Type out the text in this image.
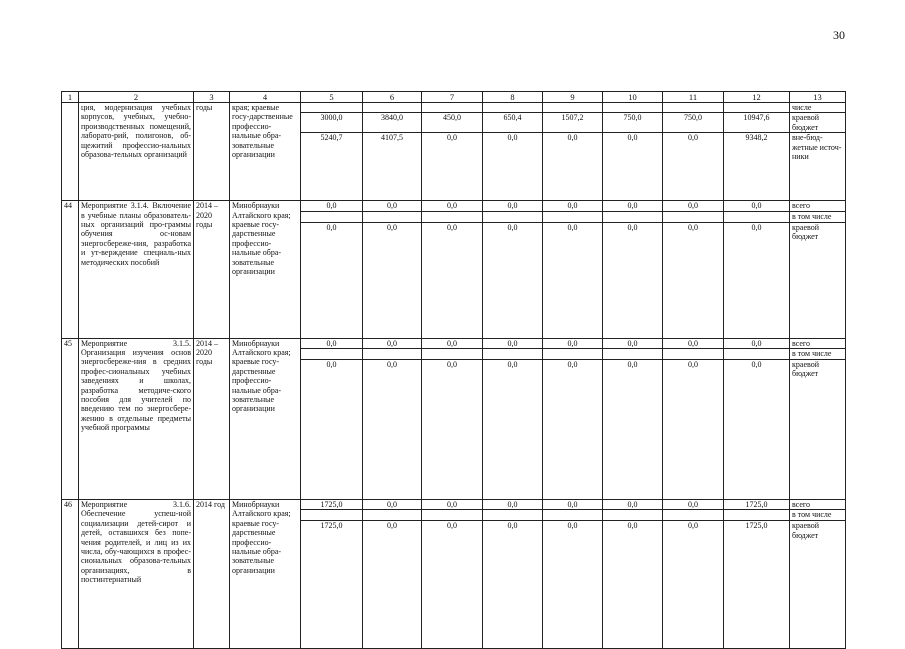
30
1	2	3	4	5	6	7	8	9	10	11	12	13
	ция, модернизация учебных корпусов, учебных, учебно-производственных помещений, лаборато-рий, полигонов, об-щежитий профессио-нальных образова-тельных организаций	годы	края; краевые госу-дарственные профессио-нальные обра-зовательные организации									числе
				3000,0	3840,0	450,0	650,4	1507,2	750,0	750,0	10947,6	краевой бюджет
				5240,7	4107,5	0,0	0,0	0,0	0,0	0,0	9348,2	вне-бюд-жетные источ-ники
44	Мероприятие 3.1.4. Включение в учебные планы образователь-ных организаций про-граммы обучения ос-новам энергосбереже-ния, разработка и ут-верждение специаль-ных методических пособий	2014 – 2020 годы	Минобрнауки Алтайского края; краевые госу-дарственные профессио-нальные обра-зовательные организации	0,0	0,0	0,0	0,0	0,0	0,0	0,0	0,0	всего
												в том числе
				0,0	0,0	0,0	0,0	0,0	0,0	0,0	0,0	краевой бюджет
45	Мероприятие 3.1.5. Организация изучения основ энергосбереже-ния в средних профес-сиональных учебных заведениях и школах, разработка методиче-ского пособия для учителей по введению тем по энергосбере-жению в отдельные предметы учебной программы	2014 – 2020 годы	Минобрнауки Алтайского края; краевые госу-дарственные профессио-нальные обра-зовательные организации	0,0	0,0	0,0	0,0	0,0	0,0	0,0	0,0	всего
												в том числе
				0,0	0,0	0,0	0,0	0,0	0,0	0,0	0,0	краевой бюджет
46	Мероприятие 3.1.6. Обеспечение успеш-ной социализации детей-сирот и детей, оставшихся без попе-чения родителей, и лиц из их числа, обу-чающихся в профес-сиональных образова-тельных организациях, в постинтернатный	2014 год	Минобрнауки Алтайского края; краевые госу-дарственные профессио-нальные обра-зовательные организации	1725,0	0,0	0,0	0,0	0,0	0,0	0,0	1725,0	всего
												в том числе
				1725,0	0,0	0,0	0,0	0,0	0,0	0,0	1725,0	краевой бюджет
